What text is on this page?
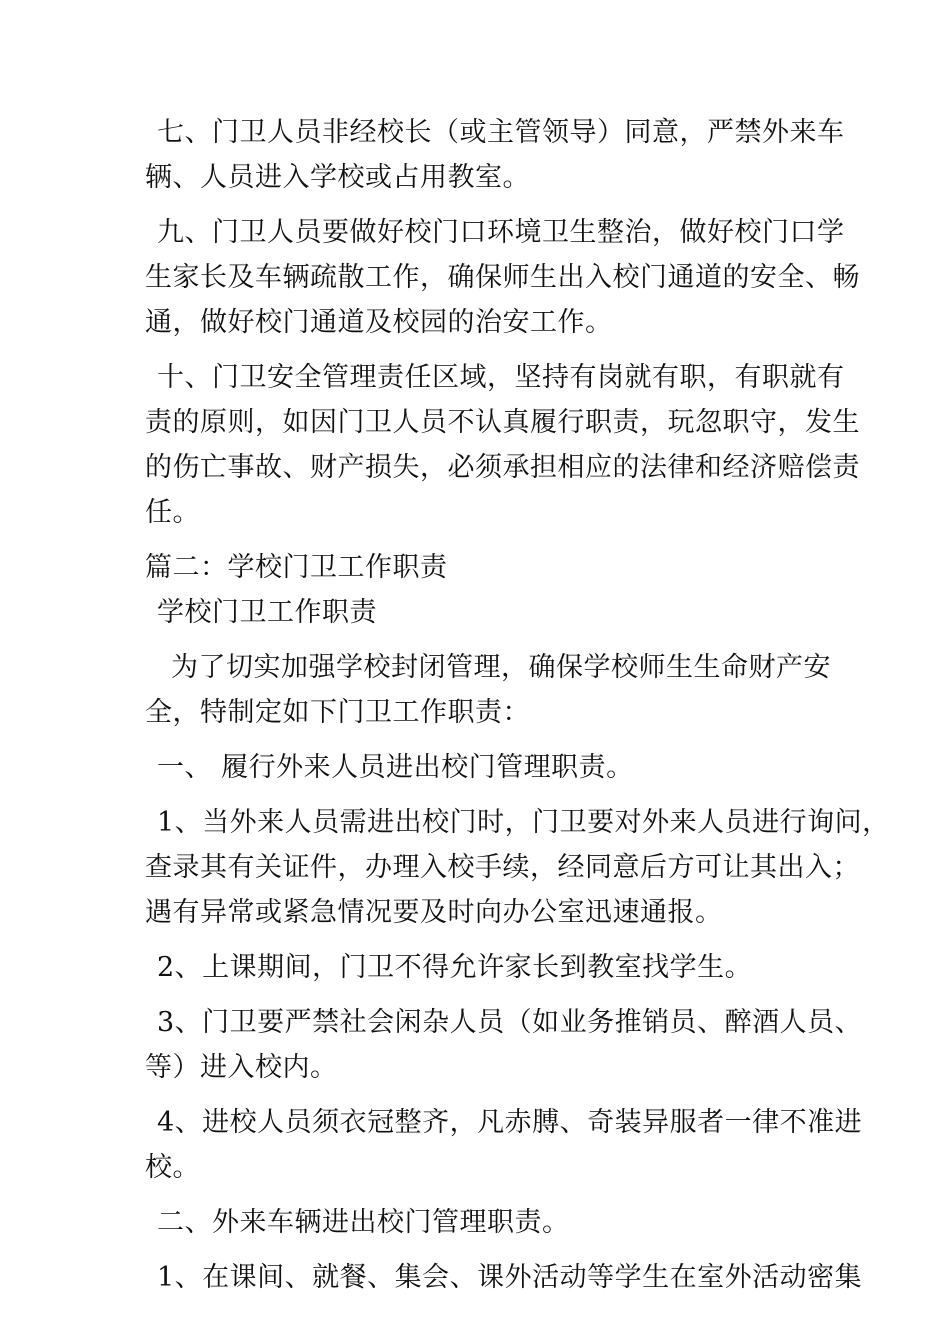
七、门卫人员非经校长（或主管领导）同意，严禁外来车

辆、人员进入学校或占用教室。

九、门卫人员要做好校门口环境卫生整治，做好校门口学

生家长及车辆疏散工作，确保师生出入校门通道的安全、畅

通，做好校门通道及校园的治安工作。

十、门卫安全管理责任区域，坚持有岗就有职，有职就有

责的原则，如因门卫人员不认真履行职责，玩忽职守，发生

的伤亡事故、财产损失，必须承担相应的法律和经济赔偿责

任。

篇二：学校门卫工作职责

学校门卫工作职责

为了切实加强学校封闭管理，确保学校师生生命财产安

全，特制定如下门卫工作职责：

一、 履行外来人员进出校门管理职责。

1、当外来人员需进出校门时，门卫要对外来人员进行询问，

查录其有关证件，办理入校手续，经同意后方可让其出入；

遇有异常或紧急情况要及时向办公室迅速通报。

2、上课期间，门卫不得允许家长到教室找学生。

3、门卫要严禁社会闲杂人员（如业务推销员、醉酒人员、

等）进入校内。

4、进校人员须衣冠整齐，凡赤膊、奇装异服者一律不准进

校。

二、外来车辆进出校门管理职责。

1、在课间、就餐、集会、课外活动等学生在室外活动密集
